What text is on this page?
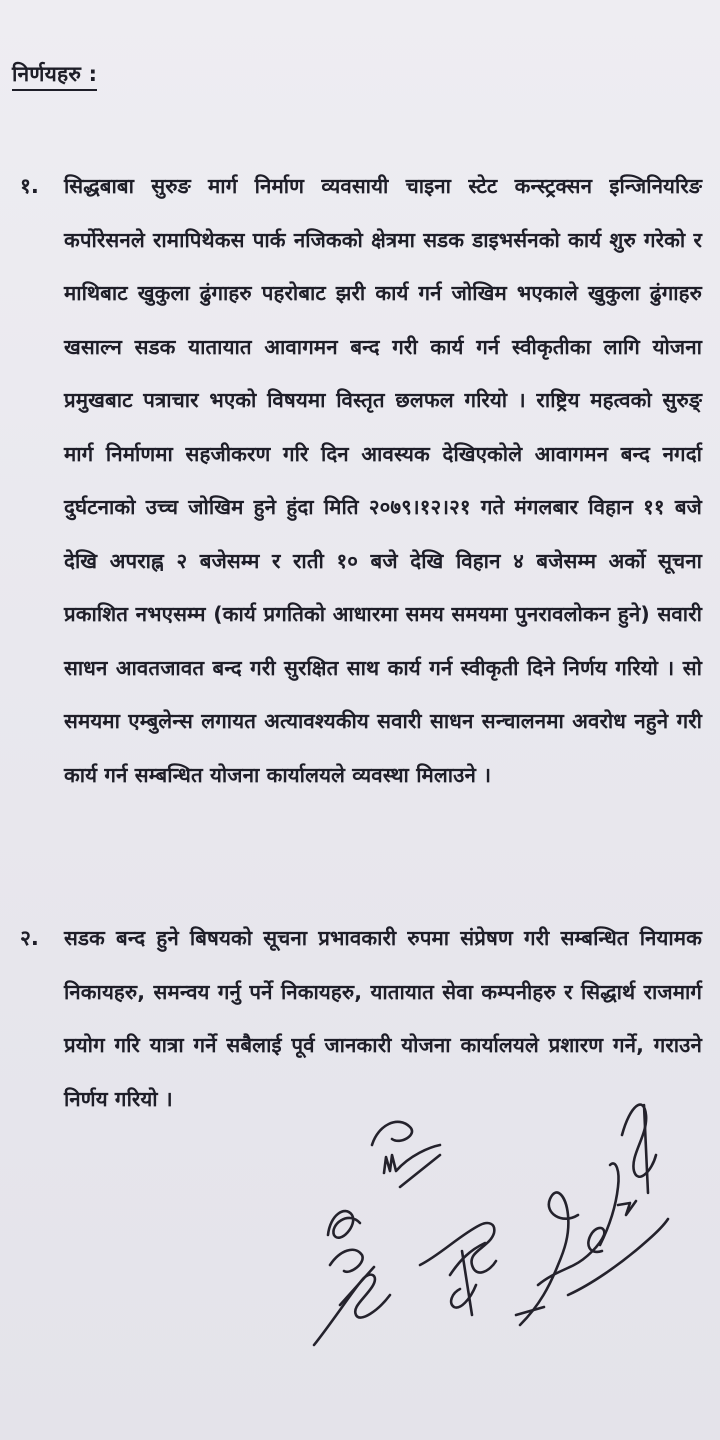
निर्णयहरु :
१. सिद्धबाबा सुरुङ मार्ग निर्माण व्यवसायी चाइना स्टेट कन्स्ट्रक्सन इन्जिनियरिङ कर्पोरेसनले रामापिथेकस पार्क नजिकको क्षेत्रमा सडक डाइभर्सनको कार्य शुरु गरेको र माथिबाट खुकुला ढुंगाहरु पहरोबाट झरी कार्य गर्न जोखिम भएकाले खुकुला ढुंगाहरु खसाल्न सडक यातायात आवागमन बन्द गरी कार्य गर्न स्वीकृतीका लागि योजना प्रमुखबाट पत्राचार भएको विषयमा विस्तृत छलफल गरियो । राष्ट्रिय महत्वको सुरुङ् मार्ग निर्माणमा सहजीकरण गरि दिन आवस्यक देखिएकोले आवागमन बन्द नगर्दा दुर्घटनाको उच्च जोखिम हुने हुंदा मिति २०७९।१२।२१ गते मंगलबार विहान ११ बजे देखि अपराह्न २ बजेसम्म र राती १० बजे देखि विहान ४ बजेसम्म अर्को सूचना प्रकाशित नभएसम्म (कार्य प्रगतिको आधारमा समय समयमा पुनरावलोकन हुने) सवारी साधन आवतजावत बन्द गरी सुरक्षित साथ कार्य गर्न स्वीकृती दिने निर्णय गरियो । सो समयमा एम्बुलेन्स लगायत अत्यावश्यकीय सवारी साधन सन्चालनमा अवरोध नहुने गरी कार्य गर्न सम्बन्धित योजना कार्यालयले व्यवस्था मिलाउने ।
२. सडक बन्द हुने बिषयको सूचना प्रभावकारी रुपमा संप्रेषण गरी सम्बन्धित नियामक निकायहरु, समन्वय गर्नु पर्ने निकायहरु, यातायात सेवा कम्पनीहरु र सिद्धार्थ राजमार्ग प्रयोग गरि यात्रा गर्ने सबैलाई पूर्व जानकारी योजना कार्यालयले प्रशारण गर्ने, गराउने निर्णय गरियो ।
